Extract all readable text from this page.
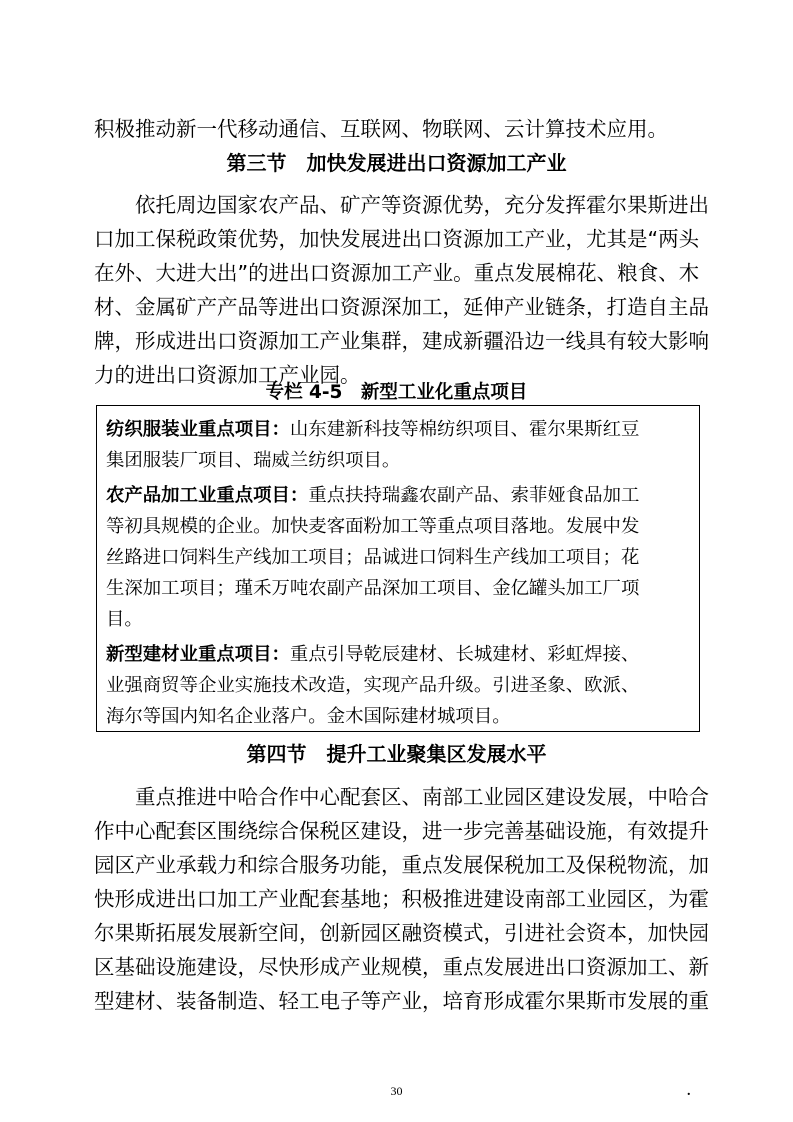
积极推动新一代移动通信、互联网、物联网、云计算技术应用。
第三节　加快发展进出口资源加工产业
　　依托周边国家农产品、矿产等资源优势，充分发挥霍尔果斯进出
口加工保税政策优势，加快发展进出口资源加工产业，尤其是“两头
在外、大进大出”的进出口资源加工产业。重点发展棉花、粮食、木
材、金属矿产产品等进出口资源深加工，延伸产业链条，打造自主品
牌，形成进出口资源加工产业集群，建成新疆沿边一线具有较大影响
力的进出口资源加工产业园。
专栏 4-5　新型工业化重点项目
纺织服装业重点项目：山东建新科技等棉纺织项目、霍尔果斯红豆
集团服装厂项目、瑞威兰纺织项目。
农产品加工业重点项目：重点扶持瑞鑫农副产品、索菲娅食品加工
等初具规模的企业。加快麦客面粉加工等重点项目落地。发展中发
丝路进口饲料生产线加工项目；品诚进口饲料生产线加工项目；花
生深加工项目；瑾禾万吨农副产品深加工项目、金亿罐头加工厂项
目。
新型建材业重点项目：重点引导乾辰建材、长城建材、彩虹焊接、
业强商贸等企业实施技术改造，实现产品升级。引进圣象、欧派、
海尔等国内知名企业落户。金木国际建材城项目。
第四节　提升工业聚集区发展水平
　　重点推进中哈合作中心配套区、南部工业园区建设发展，中哈合
作中心配套区围绕综合保税区建设，进一步完善基础设施，有效提升
园区产业承载力和综合服务功能，重点发展保税加工及保税物流，加
快形成进出口加工产业配套基地；积极推进建设南部工业园区，为霍
尔果斯拓展发展新空间，创新园区融资模式，引进社会资本，加快园
区基础设施建设，尽快形成产业规模，重点发展进出口资源加工、新
型建材、装备制造、轻工电子等产业，培育形成霍尔果斯市发展的重
30	.
